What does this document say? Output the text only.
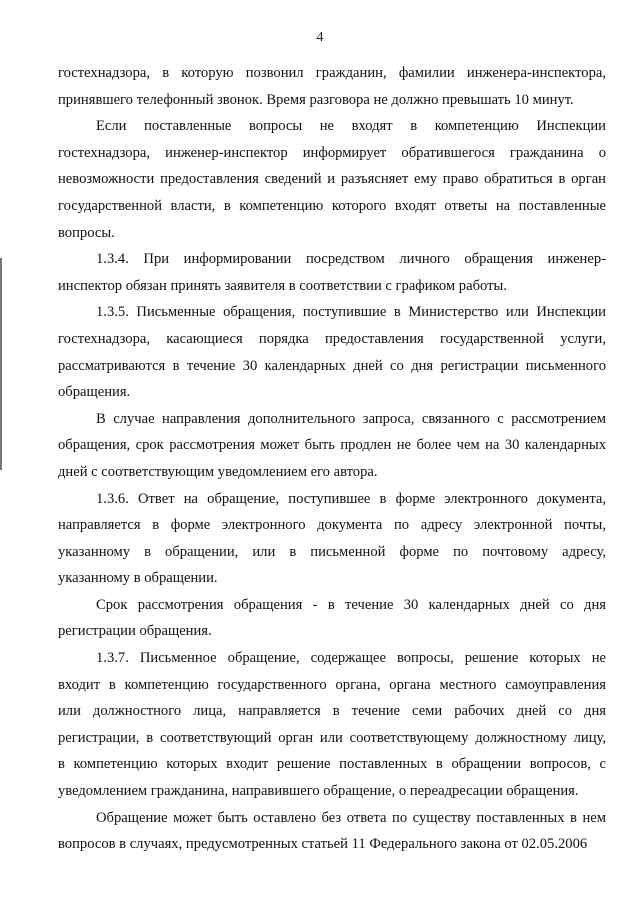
4
гостехнадзора, в которую позвонил гражданин, фамилии инженера-инспектора,
принявшего телефонный звонок. Время разговора не должно превышать 10 минут.
Если поставленные вопросы не входят в компетенцию Инспекции
гостехнадзора, инженер-инспектор информирует обратившегося гражданина о
невозможности предоставления сведений и разъясняет ему право обратиться в орган
государственной власти, в компетенцию которого входят ответы на поставленные
вопросы.
1.3.4. При информировании посредством личного обращения инженер-
инспектор обязан принять заявителя в соответствии с графиком работы.
1.3.5. Письменные обращения, поступившие в Министерство или Инспекции
гостехнадзора, касающиеся порядка предоставления государственной услуги,
рассматриваются в течение 30 календарных дней со дня регистрации письменного
обращения.
В случае направления дополнительного запроса, связанного с рассмотрением
обращения, срок рассмотрения может быть продлен не более чем на 30 календарных
дней с соответствующим уведомлением его автора.
1.3.6. Ответ на обращение, поступившее в форме электронного документа,
направляется в форме электронного документа по адресу электронной почты,
указанному в обращении, или в письменной форме по почтовому адресу,
указанному в обращении.
Срок рассмотрения обращения - в течение 30 календарных дней со дня
регистрации обращения.
1.3.7. Письменное обращение, содержащее вопросы, решение которых не
входит в компетенцию государственного органа, органа местного самоуправления
или должностного лица, направляется в течение семи рабочих дней со дня
регистрации, в соответствующий орган или соответствующему должностному лицу,
в компетенцию которых входит решение поставленных в обращении вопросов, с
уведомлением гражданина, направившего обращение, о переадресации обращения.
Обращение может быть оставлено без ответа по существу поставленных в нем
вопросов в случаях, предусмотренных статьей 11 Федерального закона от 02.05.2006
